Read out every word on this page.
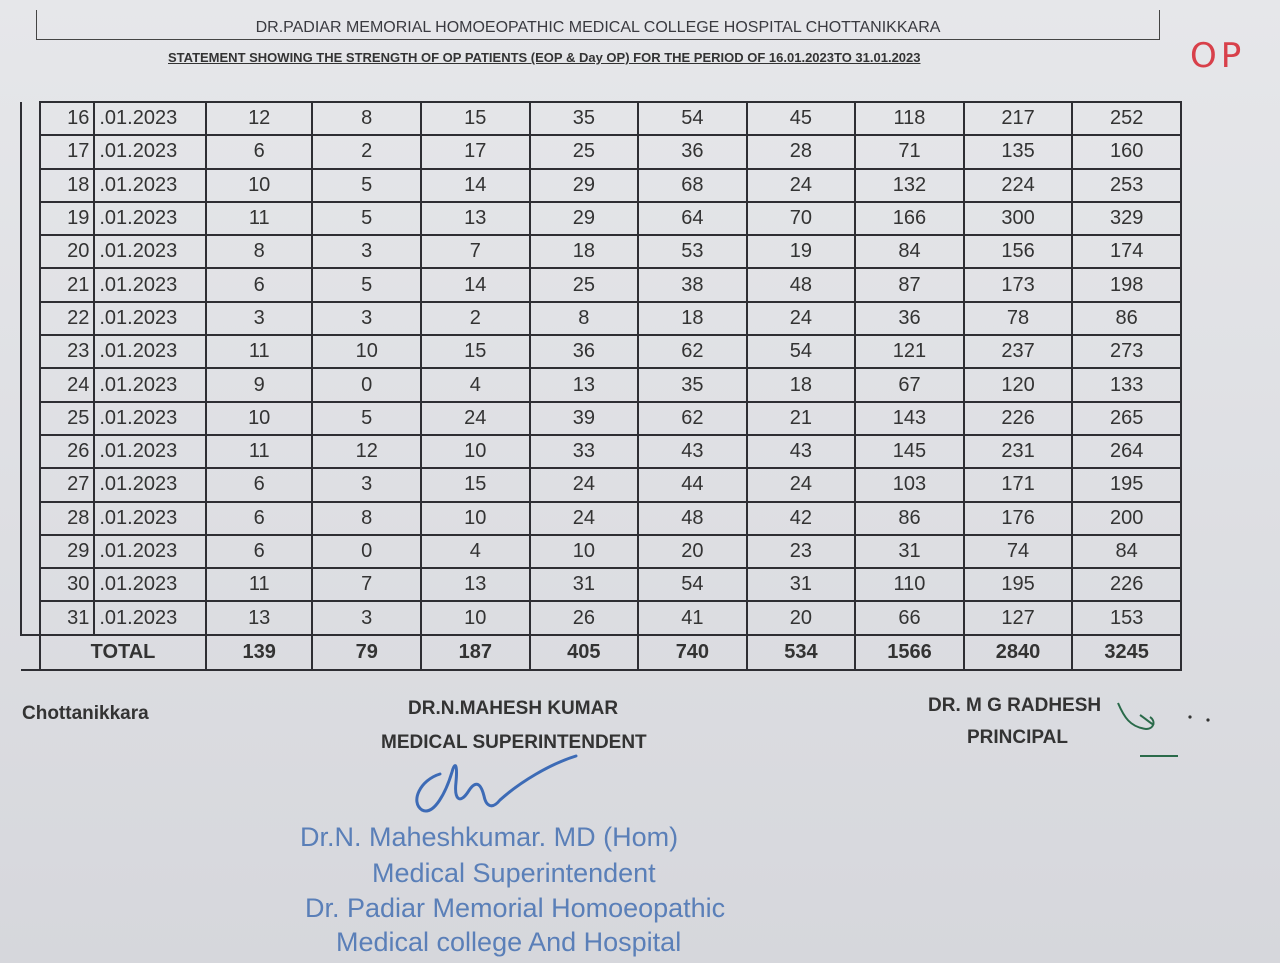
DR.PADIAR MEMORIAL HOMOEOPATHIC MEDICAL COLLEGE HOSPITAL CHOTTANIKKARA
STATEMENT SHOWING THE STRENGTH OF OP PATIENTS (EOP & Day OP) FOR THE PERIOD OF 16.01.2023TO 31.01.2023	OP
	16	.01.2023	12	8	15	35	54	45	118	217	252
	17	.01.2023	6	2	17	25	36	28	71	135	160
	18	.01.2023	10	5	14	29	68	24	132	224	253
	19	.01.2023	11	5	13	29	64	70	166	300	329
	20	.01.2023	8	3	7	18	53	19	84	156	174
	21	.01.2023	6	5	14	25	38	48	87	173	198
	22	.01.2023	3	3	2	8	18	24	36	78	86
	23	.01.2023	11	10	15	36	62	54	121	237	273
	24	.01.2023	9	0	4	13	35	18	67	120	133
	25	.01.2023	10	5	24	39	62	21	143	226	265
	26	.01.2023	11	12	10	33	43	43	145	231	264
	27	.01.2023	6	3	15	24	44	24	103	171	195
	28	.01.2023	6	8	10	24	48	42	86	176	200
	29	.01.2023	6	0	4	10	20	23	31	74	84
	30	.01.2023	11	7	13	31	54	31	110	195	226
	31	.01.2023	13	3	10	26	41	20	66	127	153
	TOTAL		139	79	187	405	740	534	1566	2840	3245
Chottanikkara	DR.N.MAHESH KUMAR
MEDICAL SUPERINTENDENT
DR. M G RADHESH
PRINCIPAL
Dr.N. Maheshkumar. MD (Hom)
Medical Superintendent
Dr. Padiar Memorial Homoeopathic
Medical college And Hospital
